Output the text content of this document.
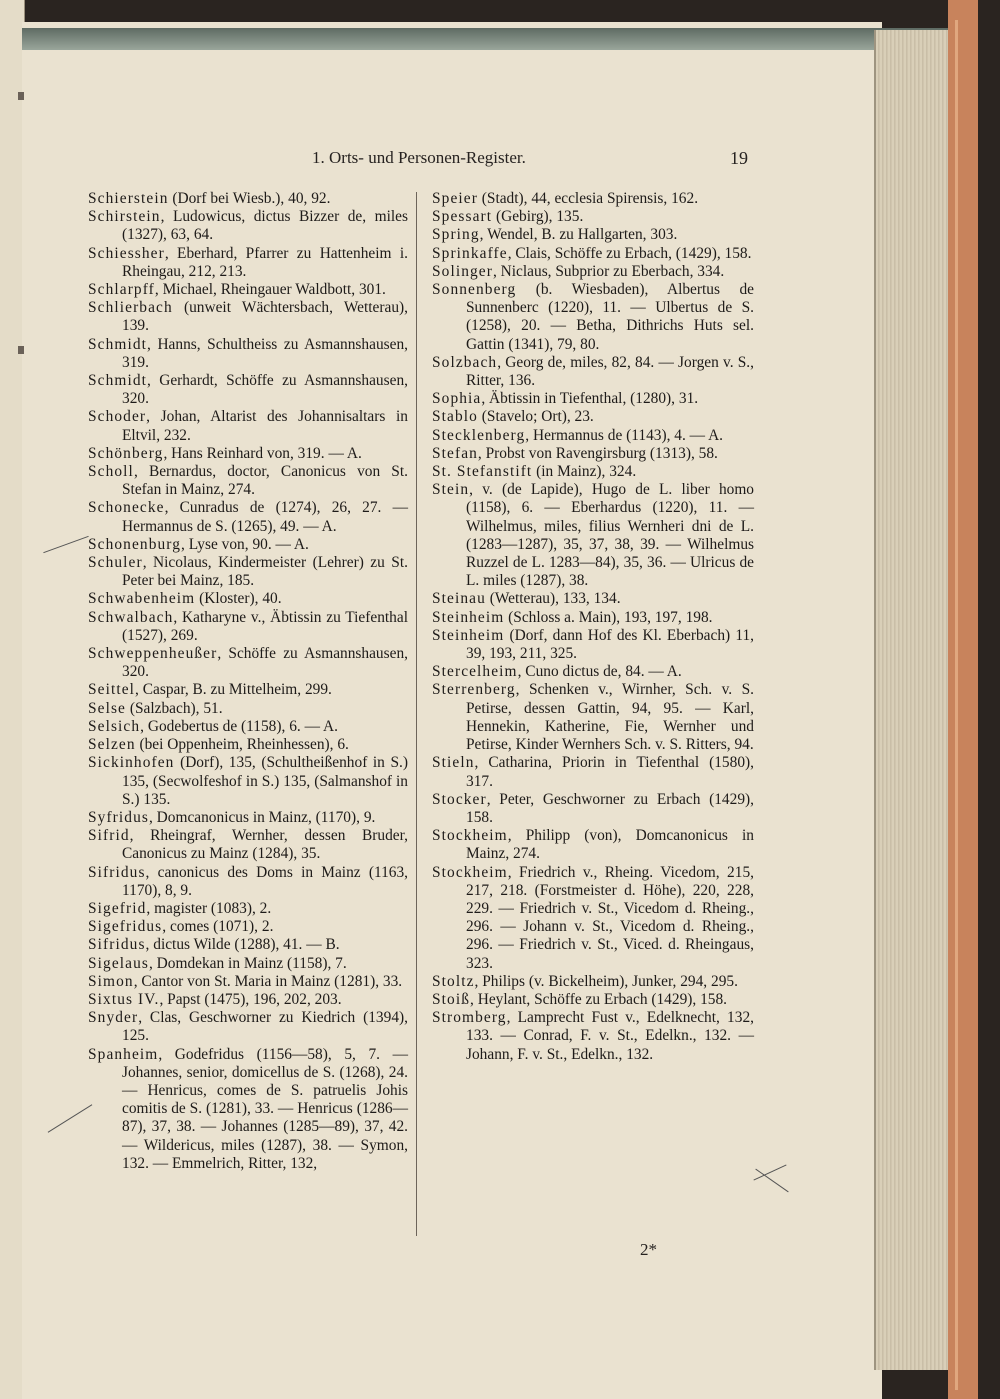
1. Orts- und Personen-Register.	19

Schierstein (Dorf bei Wiesb.), 40, 92.

Schirstein, Ludowicus, dictus Bizzer de, miles (1327), 63, 64.

Schiessher, Eberhard, Pfarrer zu Hattenheim i. Rheingau, 212, 213.

Schlarpff, Michael, Rheingauer Waldbott, 301.

Schlierbach (unweit Wächtersbach, Wetterau), 139.

Schmidt, Hanns, Schultheiss zu Asmannshausen, 319.

Schmidt, Gerhardt, Schöffe zu Asmannshausen, 320.

Schoder, Johan, Altarist des Johannisaltars in Eltvil, 232.

Schönberg, Hans Reinhard von, 319. — A.

Scholl, Bernardus, doctor, Canonicus von St. Stefan in Mainz, 274.

Schonecke, Cunradus de (1274), 26, 27. — Hermannus de S. (1265), 49. — A.

Schonenburg, Lyse von, 90. — A.

Schuler, Nicolaus, Kindermeister (Lehrer) zu St. Peter bei Mainz, 185.

Schwabenheim (Kloster), 40.

Schwalbach, Katharyne v., Äbtissin zu Tiefenthal (1527), 269.

Schweppenheußer, Schöffe zu Asmannshausen, 320.

Seittel, Caspar, B. zu Mittelheim, 299.

Selse (Salzbach), 51.

Selsich, Godebertus de (1158), 6. — A.

Selzen (bei Oppenheim, Rheinhessen), 6.

Sickinhofen (Dorf), 135, (Schultheißenhof in S.) 135, (Secwolfeshof in S.) 135, (Salmanshof in S.) 135.

Syfridus, Domcanonicus in Mainz, (1170), 9.

Sifrid, Rheingraf, Wernher, dessen Bruder, Canonicus zu Mainz (1284), 35.

Sifridus, canonicus des Doms in Mainz (1163, 1170), 8, 9.

Sigefrid, magister (1083), 2.

Sigefridus, comes (1071), 2.

Sifridus, dictus Wilde (1288), 41. — B.

Sigelaus, Domdekan in Mainz (1158), 7.

Simon, Cantor von St. Maria in Mainz (1281), 33.

Sixtus IV., Papst (1475), 196, 202, 203.

Snyder, Clas, Geschworner zu Kiedrich (1394), 125.

Spanheim, Godefridus (1156—58), 5, 7. — Johannes, senior, domicellus de S. (1268), 24. — Henricus, comes de S. patruelis Johis comitis de S. (1281), 33. — Henricus (1286—87), 37, 38. — Johannes (1285—89), 37, 42. — Wildericus, miles (1287), 38. — Symon, 132. — Emmelrich, Ritter, 132,

Speier (Stadt), 44, ecclesia Spirensis, 162.

Spessart (Gebirg), 135.

Spring, Wendel, B. zu Hallgarten, 303.

Sprinkaffe, Clais, Schöffe zu Erbach, (1429), 158.

Solinger, Niclaus, Subprior zu Eberbach, 334.

Sonnenberg (b. Wiesbaden), Albertus de Sunnenberc (1220), 11. — Ulbertus de S. (1258), 20. — Betha, Dithrichs Huts sel. Gattin (1341), 79, 80.

Solzbach, Georg de, miles, 82, 84. — Jorgen v. S., Ritter, 136.

Sophia, Äbtissin in Tiefenthal, (1280), 31.

Stablo (Stavelo; Ort), 23.

Stecklenberg, Hermannus de (1143), 4. — A.

Stefan, Probst von Ravengirsburg (1313), 58.

St. Stefanstift (in Mainz), 324.

Stein, v. (de Lapide), Hugo de L. liber homo (1158), 6. — Eberhardus (1220), 11. — Wilhelmus, miles, filius Wernheri dni de L. (1283—1287), 35, 37, 38, 39. — Wilhelmus Ruzzel de L. 1283—84), 35, 36. — Ulricus de L. miles (1287), 38.

Steinau (Wetterau), 133, 134.

Steinheim (Schloss a. Main), 193, 197, 198.

Steinheim (Dorf, dann Hof des Kl. Eberbach) 11, 39, 193, 211, 325.

Stercelheim, Cuno dictus de, 84. — A.

Sterrenberg, Schenken v., Wirnher, Sch. v. S. Petirse, dessen Gattin, 94, 95. — Karl, Hennekin, Katherine, Fie, Wernher und Petirse, Kinder Wernhers Sch. v. S. Ritters, 94.

Stieln, Catharina, Priorin in Tiefenthal (1580), 317.

Stocker, Peter, Geschworner zu Erbach (1429), 158.

Stockheim, Philipp (von), Domcanonicus in Mainz, 274.

Stockheim, Friedrich v., Rheing. Vicedom, 215, 217, 218. (Forstmeister d. Höhe), 220, 228, 229. — Friedrich v. St., Vicedom d. Rheing., 296. — Johann v. St., Vicedom d. Rheing., 296. — Friedrich v. St., Viced. d. Rheingaus, 323.

Stoltz, Philips (v. Bickelheim), Junker, 294, 295.

Stoiß, Heylant, Schöffe zu Erbach (1429), 158.

Stromberg, Lamprecht Fust v., Edelknecht, 132, 133. — Conrad, F. v. St., Edelkn., 132. — Johann, F. v. St., Edelkn., 132.

2*
